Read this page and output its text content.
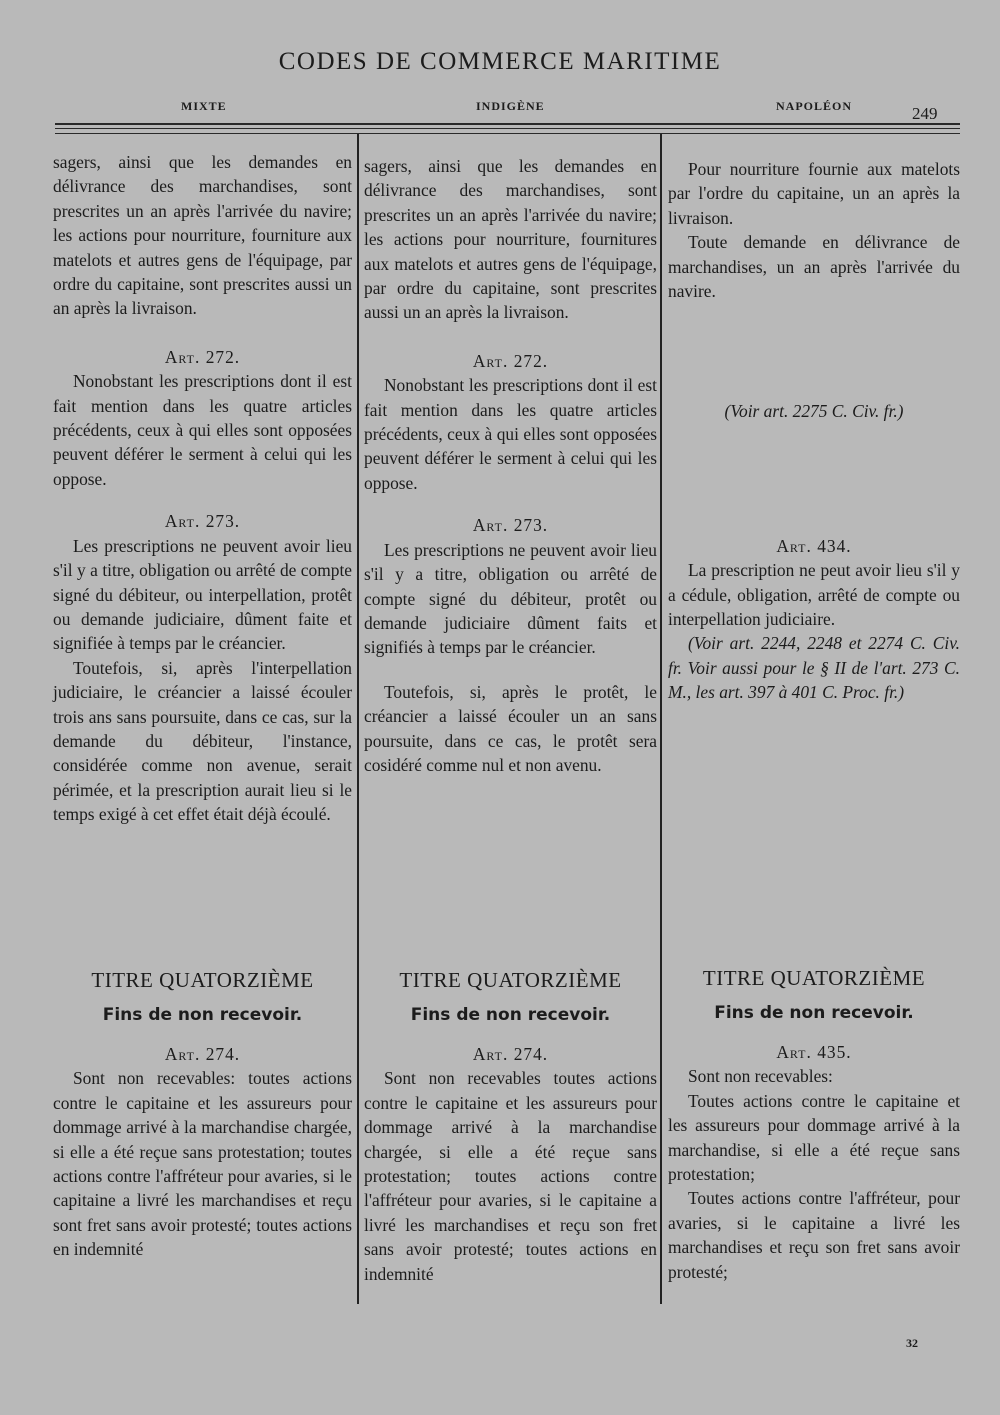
CODES DE COMMERCE MARITIME
MIXTE	INDIGÈNE	NAPOLÉON	249

sagers, ainsi que les demandes en délivrance des marchandises, sont prescrites un an après l'arrivée du navire; les actions pour nourriture, fourniture aux matelots et autres gens de l'équipage, par ordre du capitaine, sont prescrites aussi un an après la livraison.

Art. 272.

Nonobstant les prescriptions dont il est fait mention dans les quatre articles précédents, ceux à qui elles sont opposées peuvent déférer le serment à celui qui les oppose.

Art. 273.

Les prescriptions ne peuvent avoir lieu s'il y a titre, obligation ou arrêté de compte signé du débiteur, ou interpellation, protêt ou demande judiciaire, dûment faite et signifiée à temps par le créancier.

Toutefois, si, après l'interpellation judiciaire, le créancier a laissé écouler trois ans sans poursuite, dans ce cas, sur la demande du débiteur, l'instance, considérée comme non avenue, serait périmée, et la prescription aurait lieu si le temps exigé à cet effet était déjà écoulé.

sagers, ainsi que les demandes en délivrance des marchandises, sont prescrites un an après l'arrivée du navire; les actions pour nourriture, fournitures aux matelots et autres gens de l'équipage, par ordre du capitaine, sont prescrites aussi un an après la livraison.

Art. 272.

Nonobstant les prescriptions dont il est fait mention dans les quatre articles précédents, ceux à qui elles sont opposées peuvent déférer le serment à celui qui les oppose.

Art. 273.

Les prescriptions ne peuvent avoir lieu s'il y a titre, obligation ou arrêté de compte signé du débiteur, protêt ou demande judiciaire dûment faits et signifiés à temps par le créancier.

Toutefois, si, après le protêt, le créancier a laissé écouler un an sans poursuite, dans ce cas, le protêt sera cosidéré comme nul et non avenu.

Pour nourriture fournie aux matelots par l'ordre du capitaine, un an après la livraison.

Toute demande en délivrance de marchandises, un an après l'arrivée du navire.

(Voir art. 2275 C. Civ. fr.)

Art. 434.

La prescription ne peut avoir lieu s'il y a cédule, obligation, arrêté de compte ou interpellation judiciaire.

(Voir art. 2244, 2248 et 2274 C. Civ. fr. Voir aussi pour le § II de l'art. 273 C. M., les art. 397 à 401 C. Proc. fr.)

TITRE QUATORZIÈME

Fins de non recevoir.

Art. 274.

Sont non recevables: toutes actions contre le capitaine et les assureurs pour dommage arrivé à la marchandise chargée, si elle a été reçue sans protestation; toutes actions contre l'affréteur pour avaries, si le capitaine a livré les marchandises et reçu sont fret sans avoir protesté; toutes actions en indemnité

TITRE QUATORZIÈME

Fins de non recevoir.

Art. 274.

Sont non recevables toutes actions contre le capitaine et les assureurs pour dommage arrivé à la marchandise chargée, si elle a été reçue sans protestation; toutes actions contre l'affréteur pour avaries, si le capitaine a livré les marchandises et reçu son fret sans avoir protesté; toutes actions en indemnité

TITRE QUATORZIÈME

Fins de non recevoir.

Art. 435.

Sont non recevables:

Toutes actions contre le capitaine et les assureurs pour dommage arrivé à la marchandise, si elle a été reçue sans protestation;

Toutes actions contre l'affréteur, pour avaries, si le capitaine a livré les marchandises et reçu son fret sans avoir protesté;

32
